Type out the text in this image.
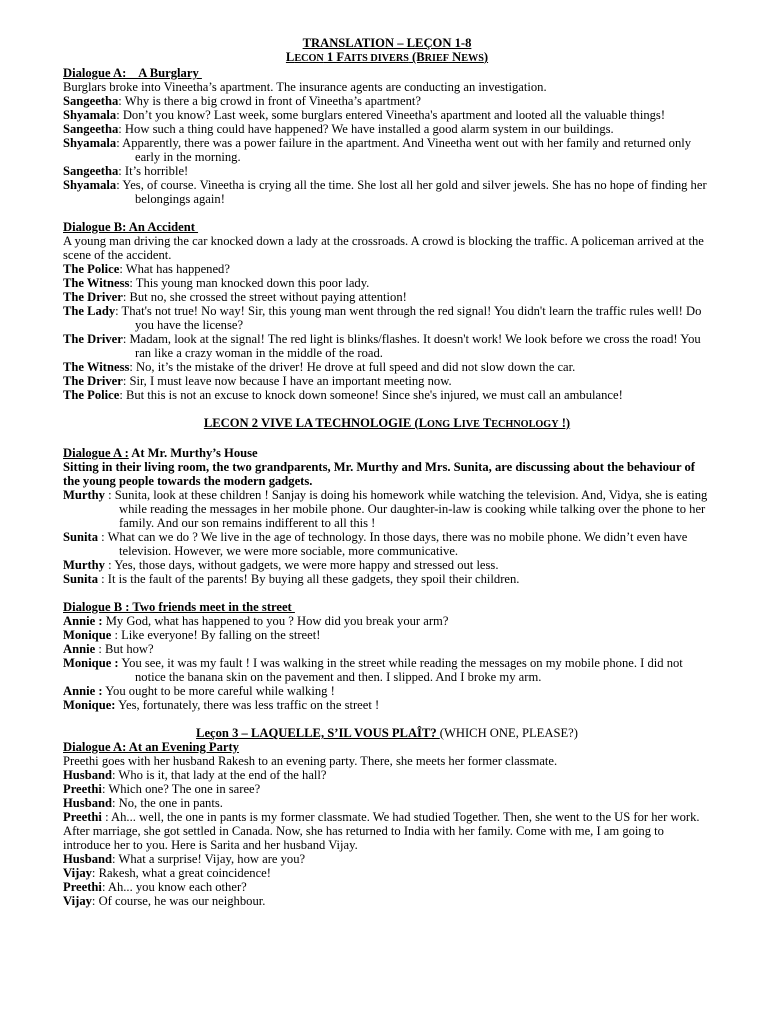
TRANSLATION – LEÇON 1-8

LECON 1 FAITS DIVERS (BRIEF NEWS)

Dialogue A:    A Burglary

Burglars broke into Vineetha’s apartment. The insurance agents are conducting an investigation.

Sangeetha: Why is there a big crowd in front of Vineetha’s apartment?

Shyamala: Don’t you know? Last week, some burglars entered Vineetha's apartment and looted all the valuable things!

Sangeetha: How such a thing could have happened? We have installed a good alarm system in our buildings.

Shyamala: Apparently, there was a power failure in the apartment. And Vineetha went out with her family and returned only early in the morning.

Sangeetha: It’s horrible!

Shyamala: Yes, of course. Vineetha is crying all the time. She lost all her gold and silver jewels. She has no hope of finding her belongings again!

Dialogue B: An Accident

A young man driving the car knocked down a lady at the crossroads. A crowd is blocking the traffic. A policeman arrived at the scene of the accident.

The Police: What has happened?

The Witness: This young man knocked down this poor lady.

The Driver: But no, she crossed the street without paying attention!

The Lady: That's not true! No way! Sir, this young man went through the red signal! You didn't learn the traffic rules well! Do you have the license?

The Driver: Madam, look at the signal! The red light is blinks/flashes. It doesn't work! We look before we cross the road! You ran like a crazy woman in the middle of the road.

The Witness: No, it’s the mistake of the driver! He drove at full speed and did not slow down the car.

The Driver: Sir, I must leave now because I have an important meeting now.

The Police: But this is not an excuse to knock down someone! Since she's injured, we must call an ambulance!

LECON 2 VIVE LA TECHNOLOGIE (LONG LIVE TECHNOLOGY !)

Dialogue A : At Mr. Murthy’s House

Sitting in their living room, the two grandparents, Mr. Murthy and Mrs. Sunita, are discussing about the behaviour of the young people towards the modern gadgets.

Murthy : Sunita, look at these children ! Sanjay is doing his homework while watching the television. And, Vidya, she is eating while reading the messages in her mobile phone. Our daughter-in-law is cooking while talking over the phone to her family. And our son remains indifferent to all this !

Sunita : What can we do ? We live in the age of technology. In those days, there was no mobile phone. We didn’t even have television. However, we were more sociable, more communicative.

Murthy : Yes, those days, without gadgets, we were more happy and stressed out less.

Sunita : It is the fault of the parents! By buying all these gadgets, they spoil their children.

Dialogue B : Two friends meet in the street

Annie : My God, what has happened to you ? How did you break your arm?

Monique : Like everyone! By falling on the street!

Annie : But how?

Monique : You see, it was my fault ! I was walking in the street while reading the messages on my mobile phone. I did not notice the banana skin on the pavement and then. I slipped. And I broke my arm.

Annie : You ought to be more careful while walking !

Monique: Yes, fortunately, there was less traffic on the street !

Leçon 3 – LAQUELLE, S’IL VOUS PLAÎT? (WHICH ONE, PLEASE?)

Dialogue A: At an Evening Party

Preethi goes with her husband Rakesh to an evening party. There, she meets her former classmate.

Husband: Who is it, that lady at the end of the hall?

Preethi: Which one? The one in saree?

Husband: No, the one in pants.

Preethi : Ah... well, the one in pants is my former classmate. We had studied Together. Then, she went to the US for her work. After marriage, she got settled in Canada. Now, she has returned to India with her family. Come with me, I am going to introduce her to you. Here is Sarita and her husband Vijay.

Husband: What a surprise! Vijay, how are you?

Vijay: Rakesh, what a great coincidence!

Preethi: Ah... you know each other?

Vijay: Of course, he was our neighbour.
